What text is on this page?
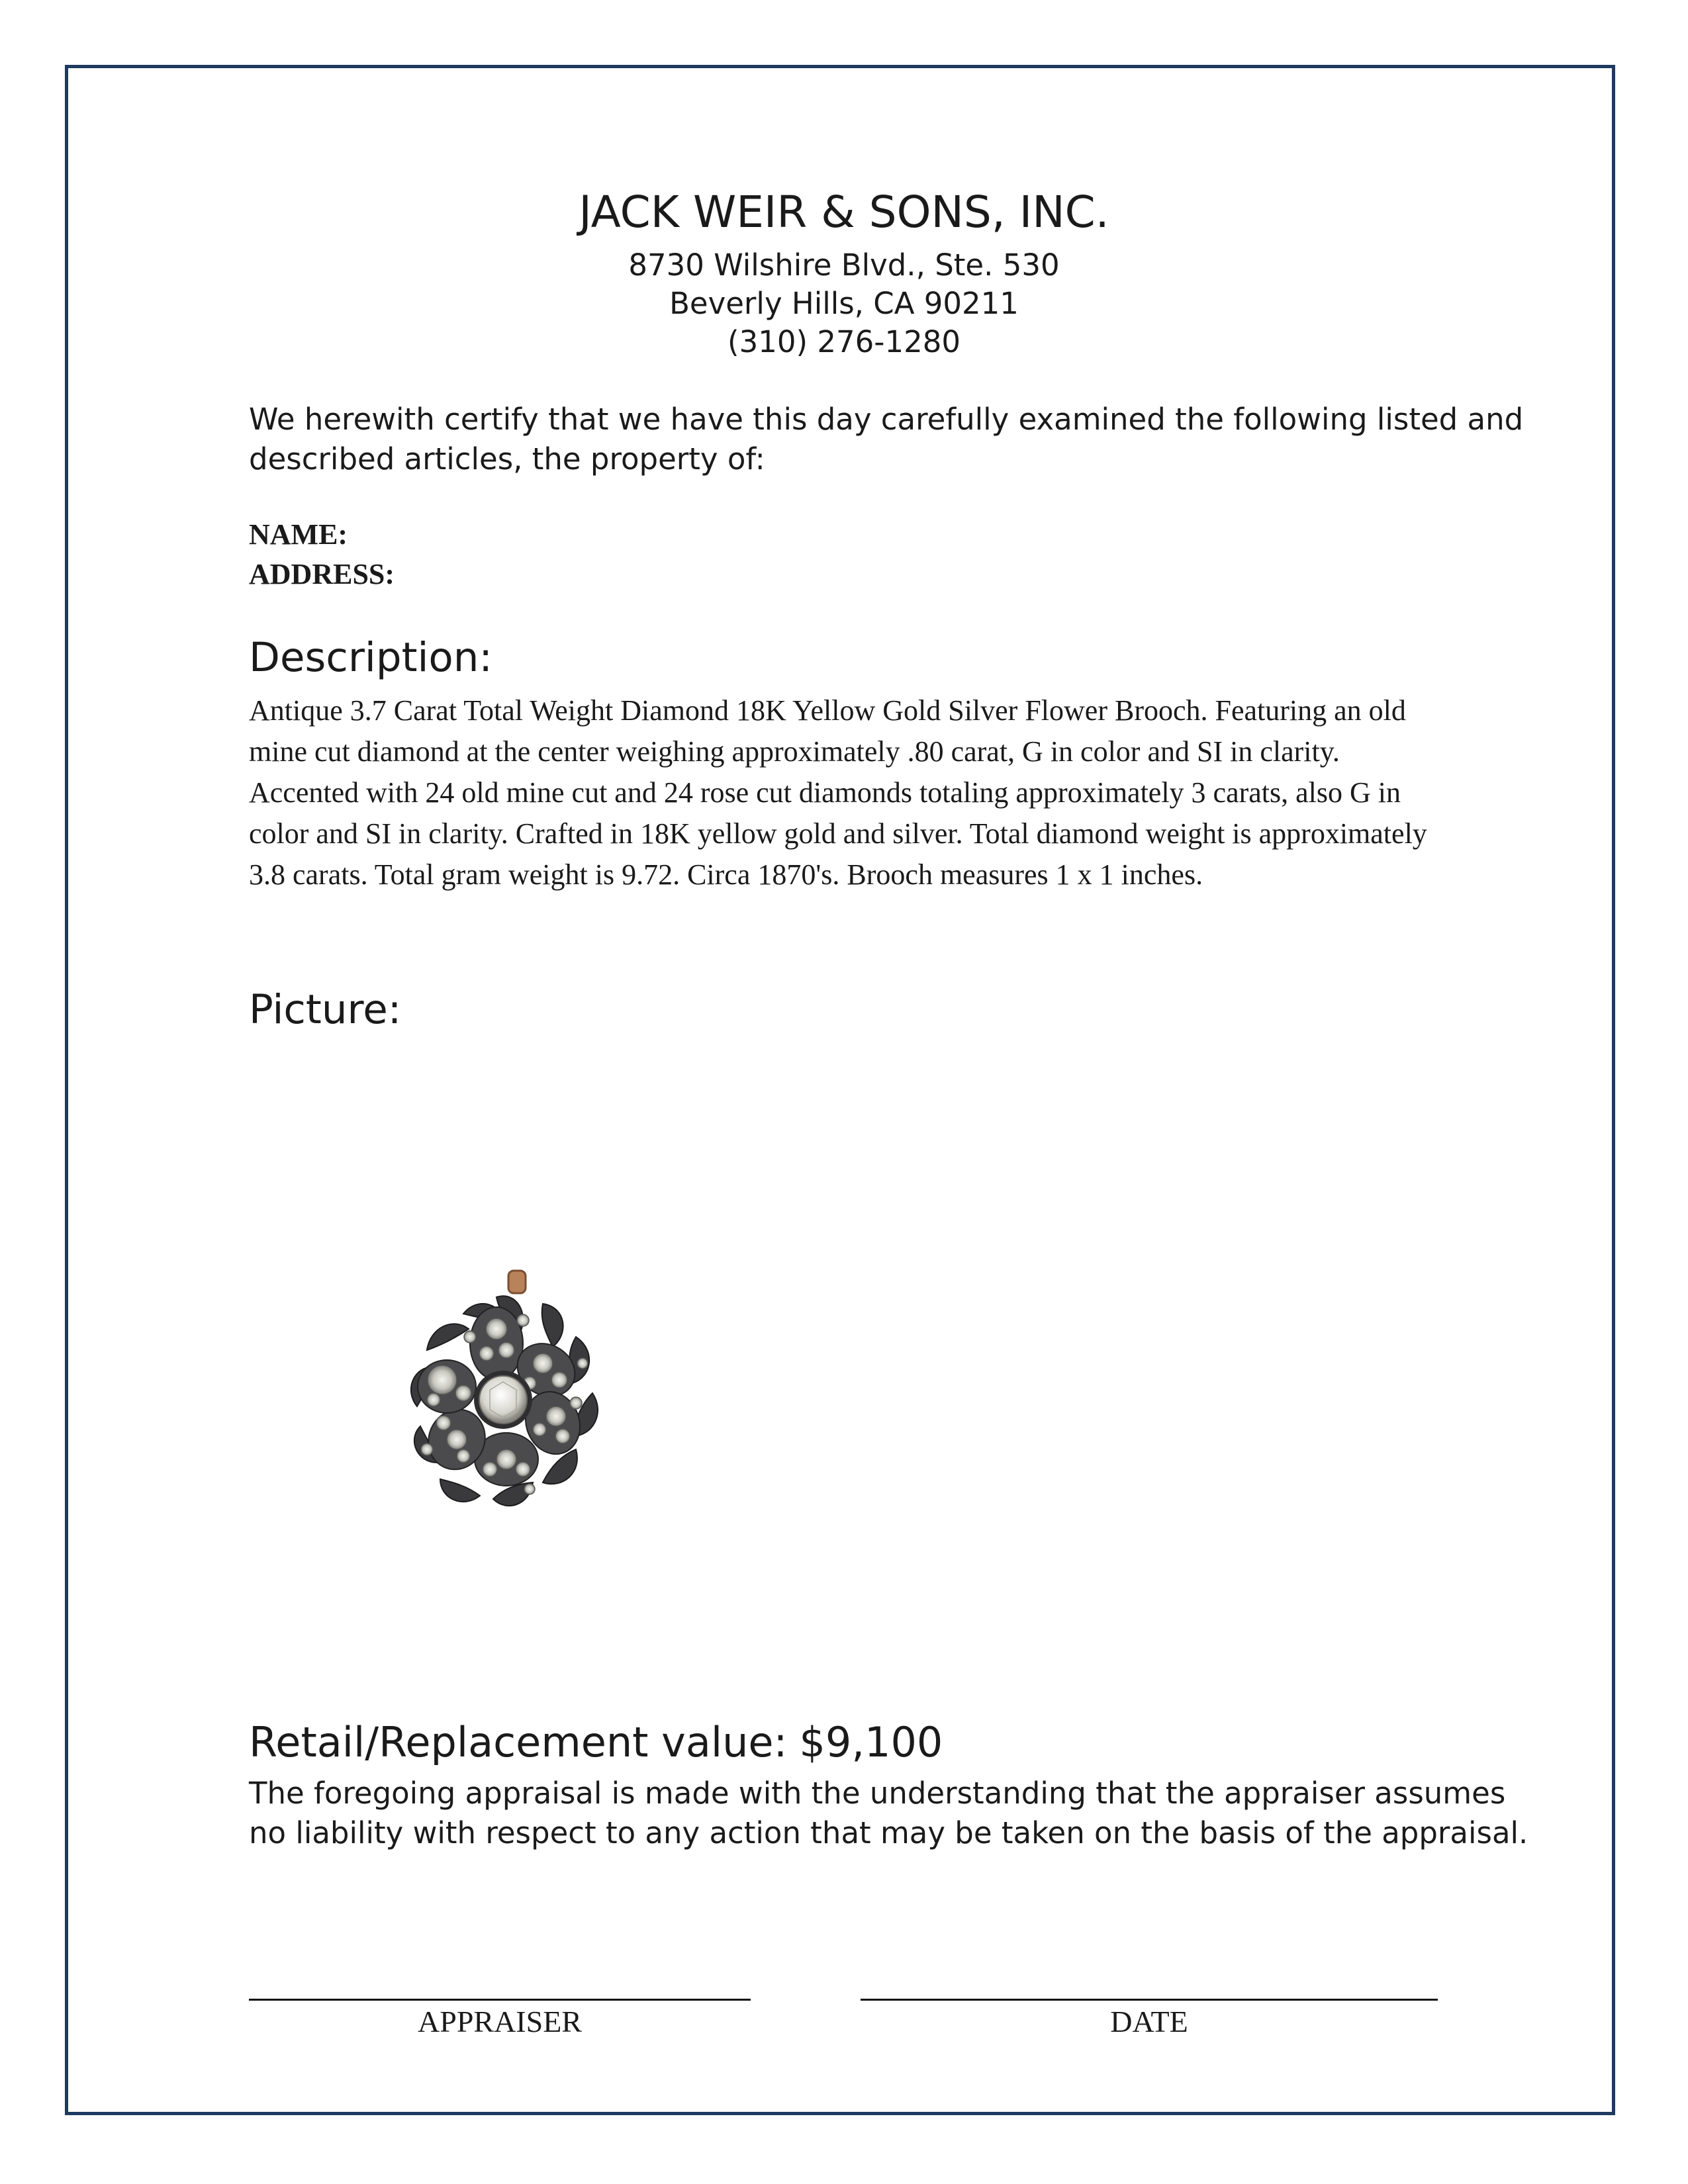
JACK WEIR & SONS, INC.
8730 Wilshire Blvd., Ste. 530
Beverly Hills, CA 90211
(310) 276-1280
We herewith certify that we have this day carefully examined the following listed and
described articles, the property of:
NAME:
ADDRESS:
Description:
Antique 3.7 Carat Total Weight Diamond 18K Yellow Gold Silver Flower Brooch. Featuring an old mine cut diamond at the center weighing approximately .80 carat, G in color and SI in clarity. Accented with 24 old mine cut and 24 rose cut diamonds totaling approximately 3 carats, also G in color and SI in clarity. Crafted in 18K yellow gold and silver. Total diamond weight is approximately 3.8 carats. Total gram weight is 9.72. Circa 1870's. Brooch measures 1 x 1 inches.
Picture:
Retail/Replacement value: $9,100
The foregoing appraisal is made with the understanding that the appraiser assumes
no liability with respect to any action that may be taken on the basis of the appraisal.
APPRAISER	DATE
